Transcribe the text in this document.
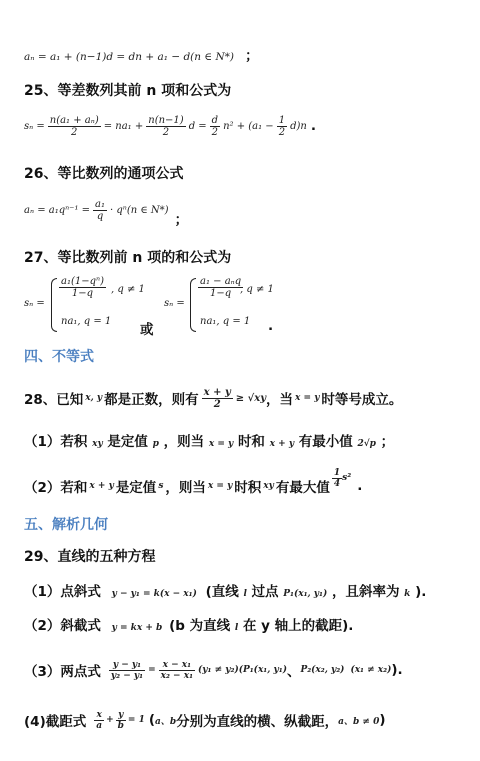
aₙ = a₁ + (n−1)d = dn + a₁ − d(n ∈ N*) ；
25、等差数列其前 n 项和公式为
$s_n = \frac{\text{n(a₁ + aₙ)}}{2} = na_1 + \frac{n(n-1)}{2}$ $d = \frac{d}{2} n^2 + (a_1 - \frac{1}{2} d)n$ .
26、等比数列的通项公式
$a_n = a_1q^{n-1} = \frac{\text{a₁}}{q} \cdot q^n(n$ ∈ N*)
；
27、等比数列前 n 项的和公式为
sₙ =
$\frac{\text{a₁(1−qⁿ)}}{1-q}$ , q ≠ 1
na₁, q = 1
或
sₙ =
a₁ − aₙq
1−q , q ≠ 1
na₁, q = 1 .
四、不等式
28、已知 x, y 都是正数，则有 $\frac{x + y}{2} \ge √xy$ ，当 x = y 时等号成立。
（1）若积 xy 是定值 p ，则当 x = y 时和 x + y 有最小值 2√p ；
（2）若和 x + y 是定值 s ，则当 x = y 时积 xy 有最大值 $\frac{1}{4} s^2$ .
五、解析几何
29、直线的五种方程
（1）点斜式 y − y₁ = k(x − x₁) (直线 l 过点 P₁(x₁, y₁) ，且斜率为 k ).
（2）斜截式 y = kx + b (b 为直线 l 在 y 轴上的截距).
（3）两点式 $\frac{\text{y − y₁}}{\text{y₂ − y₁}} = \frac{\text{x − x₁}}{\text{x₂ − x₁}} (y_1 \ne y_2)$ (P₁(x₁, y₁) 、 P₂(x₂, y₂) (x₁ ≠ x₂) ).
(4)截距式 $\frac{x}{a} + \frac{y}{b} = 1$ ( a、b 分别为直线的横、纵截距， a、b ≠ 0 )
